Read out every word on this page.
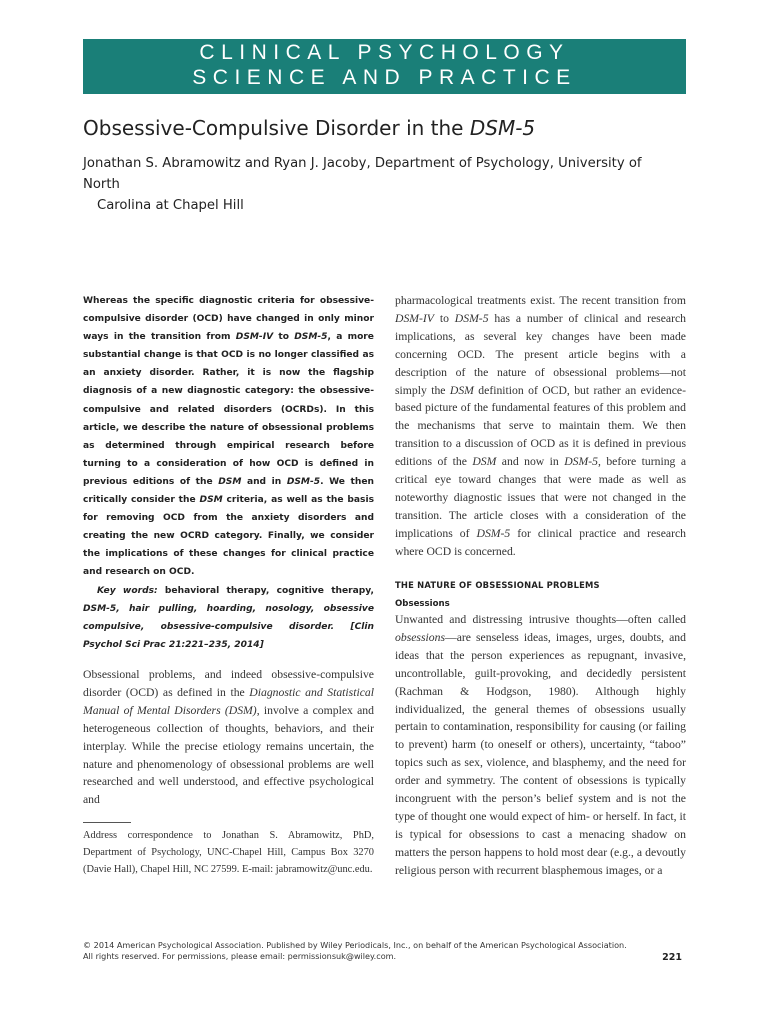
CLINICAL PSYCHOLOGY
SCIENCE AND PRACTICE
Obsessive-Compulsive Disorder in the DSM-5
Jonathan S. Abramowitz and Ryan J. Jacoby, Department of Psychology, University of North
Carolina at Chapel Hill

Whereas the specific diagnostic criteria for obsessive-compulsive disorder (OCD) have changed in only minor ways in the transition from DSM-IV to DSM-5, a more substantial change is that OCD is no longer classified as an anxiety disorder. Rather, it is now the flagship diagnosis of a new diagnostic category: the obsessive-compulsive and related disorders (OCRDs). In this article, we describe the nature of obsessional problems as determined through empirical research before turning to a consideration of how OCD is defined in previous editions of the DSM and in DSM-5. We then critically consider the DSM criteria, as well as the basis for removing OCD from the anxiety disorders and creating the new OCRD category. Finally, we consider the implications of these changes for clinical practice and research on OCD.
Key words: behavioral therapy, cognitive therapy, DSM-5, hair pulling, hoarding, nosology, obsessive compulsive, obsessive-compulsive disorder. [Clin Psychol Sci Prac 21:221–235, 2014]

Obsessional problems, and indeed obsessive-compulsive disorder (OCD) as defined in the Diagnostic and Statistical Manual of Mental Disorders (DSM), involve a complex and heterogeneous collection of thoughts, behaviors, and their interplay. While the precise etiology remains uncertain, the nature and phenomenology of obsessional problems are well researched and well understood, and effective psychological and

Address correspondence to Jonathan S. Abramowitz, PhD, Department of Psychology, UNC-Chapel Hill, Campus Box 3270 (Davie Hall), Chapel Hill, NC 27599. E-mail: jabramowitz@unc.edu.

pharmacological treatments exist. The recent transition from DSM-IV to DSM-5 has a number of clinical and research implications, as several key changes have been made concerning OCD. The present article begins with a description of the nature of obsessional problems—not simply the DSM definition of OCD, but rather an evidence-based picture of the fundamental features of this problem and the mechanisms that serve to maintain them. We then transition to a discussion of OCD as it is defined in previous editions of the DSM and now in DSM-5, before turning a critical eye toward changes that were made as well as noteworthy diagnostic issues that were not changed in the transition. The article closes with a consideration of the implications of DSM-5 for clinical practice and research where OCD is concerned.

THE NATURE OF OBSESSIONAL PROBLEMS
Obsessions

Unwanted and distressing intrusive thoughts—often called obsessions—are senseless ideas, images, urges, doubts, and ideas that the person experiences as repugnant, invasive, uncontrollable, guilt-provoking, and decidedly persistent (Rachman & Hodgson, 1980). Although highly individualized, the general themes of obsessions usually pertain to contamination, responsibility for causing (or failing to prevent) harm (to oneself or others), uncertainty, “taboo” topics such as sex, violence, and blasphemy, and the need for order and symmetry. The content of obsessions is typically incongruent with the person’s belief system and is not the type of thought one would expect of him- or herself. In fact, it is typical for obsessions to cast a menacing shadow on matters the person happens to hold most dear (e.g., a devoutly religious person with recurrent blasphemous images, or a

© 2014 American Psychological Association. Published by Wiley Periodicals, Inc., on behalf of the American Psychological Association.
All rights reserved. For permissions, please email: permissionsuk@wiley.com.	221
